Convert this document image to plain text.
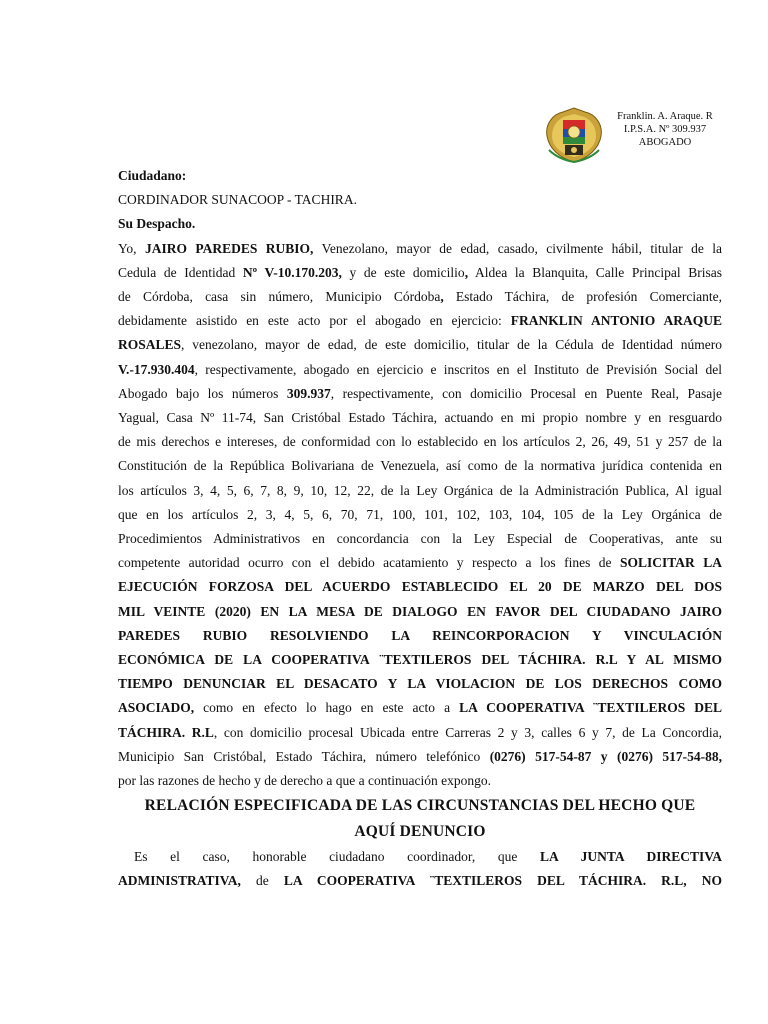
Franklin. A. Araque. R
I.P.S.A. Nº 309.937
ABOGADO
Ciudadano:
CORDINADOR SUNACOOP - TACHIRA.
Su Despacho.
Yo, JAIRO PAREDES RUBIO, Venezolano, mayor de edad, casado, civilmente hábil, titular de la
Cedula de Identidad Nº V-10.170.203, y de este domicilio, Aldea la Blanquita, Calle Principal Brisas
de Córdoba, casa sin número, Municipio Córdoba, Estado Táchira, de profesión Comerciante,
debidamente asistido en este acto por el abogado en ejercicio: FRANKLIN ANTONIO ARAQUE
ROSALES, venezolano, mayor de edad, de este domicilio, titular de la Cédula de Identidad número
V.-17.930.404, respectivamente, abogado en ejercicio e inscritos en el Instituto de Previsión Social del
Abogado bajo los números 309.937, respectivamente, con domicilio Procesal en Puente Real, Pasaje
Yagual, Casa Nº 11-74, San Cristóbal Estado Táchira, actuando en mi propio nombre y en resguardo
de mis derechos e intereses, de conformidad con lo establecido en los artículos 2, 26, 49, 51 y 257 de la
Constitución de la República Bolivariana de Venezuela, así como de la normativa jurídica contenida en
los artículos 3, 4, 5, 6, 7, 8, 9, 10, 12, 22, de la Ley Orgánica de la Administración Publica, Al igual
que en los artículos 2, 3, 4, 5, 6, 70, 71, 100, 101, 102, 103, 104, 105 de la Ley Orgánica de
Procedimientos Administrativos en concordancia con la Ley Especial de Cooperativas, ante su
competente autoridad ocurro con el debido acatamiento y respecto a los fines de SOLICITAR LA
EJECUCIÓN FORZOSA DEL ACUERDO ESTABLECIDO EL 20 DE MARZO DEL DOS
MIL VEINTE (2020) EN LA MESA DE DIALOGO EN FAVOR DEL CIUDADANO JAIRO
PAREDES RUBIO RESOLVIENDO LA REINCORPORACION Y VINCULACIÓN
ECONÓMICA DE LA COOPERATIVA ¨TEXTILEROS DEL TÁCHIRA. R.L Y AL MISMO
TIEMPO DENUNCIAR EL DESACATO Y LA VIOLACION DE LOS DERECHOS COMO
ASOCIADO, como en efecto lo hago en este acto a LA COOPERATIVA ¨TEXTILEROS DEL
TÁCHIRA. R.L, con domicilio procesal Ubicada entre Carreras 2 y 3, calles 6 y 7, de La Concordia,
Municipio San Cristóbal, Estado Táchira, número telefónico (0276) 517-54-87 y (0276) 517-54-88,
por las razones de hecho y de derecho a que a continuación expongo.
RELACIÓN ESPECIFICADA DE LAS CIRCUNSTANCIAS DEL HECHO QUE
AQUÍ DENUNCIO
Es el caso, honorable ciudadano coordinador, que LA JUNTA DIRECTIVA
ADMINISTRATIVA, de LA COOPERATIVA ¨TEXTILEROS DEL TÁCHIRA. R.L, NO
